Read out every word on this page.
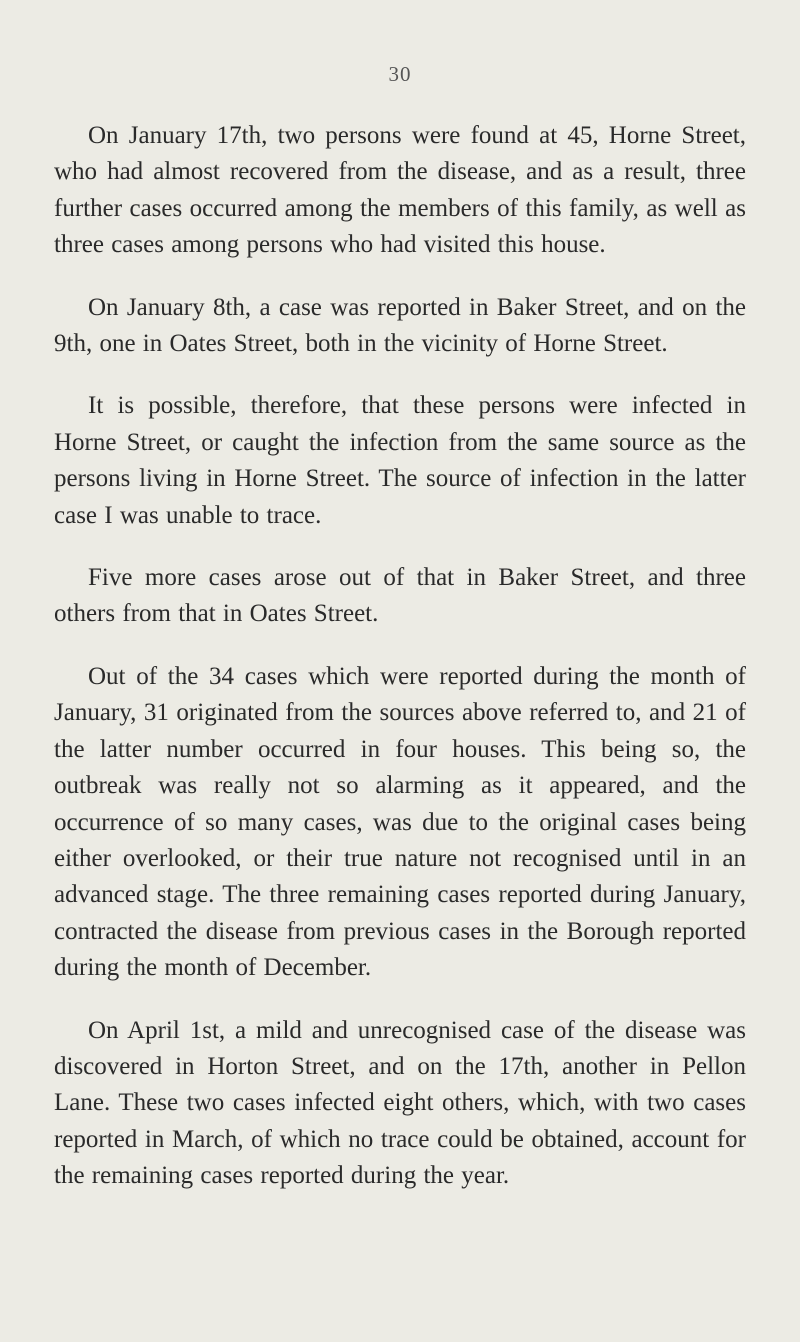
30

On January 17th, two persons were found at 45, Horne Street, who had almost recovered from the disease, and as a result, three further cases occurred among the members of this family, as well as three cases among persons who had visited this house.

On January 8th, a case was reported in Baker Street, and on the 9th, one in Oates Street, both in the vicinity of Horne Street.

It is possible, therefore, that these persons were infected in Horne Street, or caught the infection from the same source as the persons living in Horne Street. The source of infection in the latter case I was unable to trace.

Five more cases arose out of that in Baker Street, and three others from that in Oates Street.

Out of the 34 cases which were reported during the month of January, 31 originated from the sources above referred to, and 21 of the latter number occurred in four houses. This being so, the outbreak was really not so alarming as it appeared, and the occurrence of so many cases, was due to the original cases being either overlooked, or their true nature not recognised until in an advanced stage. The three remaining cases reported during January, contracted the disease from previous cases in the Borough reported during the month of December.

On April 1st, a mild and unrecognised case of the disease was discovered in Horton Street, and on the 17th, another in Pellon Lane. These two cases infected eight others, which, with two cases reported in March, of which no trace could be obtained, account for the remaining cases reported during the year.
